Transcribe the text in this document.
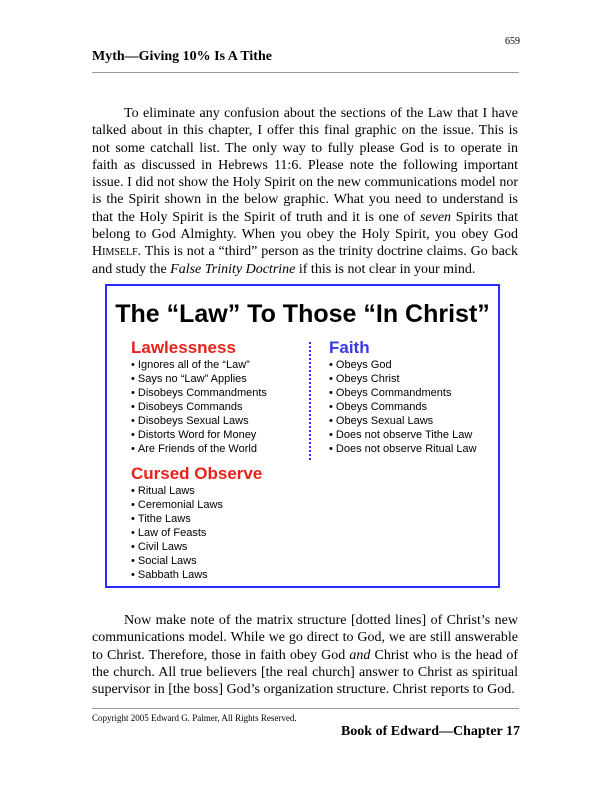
659
Myth—Giving 10% Is A Tithe

To eliminate any confusion about the sections of the Law that I have talked about in this chapter, I offer this final graphic on the issue. This is not some catchall list. The only way to fully please God is to operate in faith as discussed in Hebrews 11:6. Please note the following important issue. I did not show the Holy Spirit on the new communications model nor is the Spirit shown in the below graphic. What you need to understand is that the Holy Spirit is the Spirit of truth and it is one of seven Spirits that belong to God Almighty. When you obey the Holy Spirit, you obey God Himself. This is not a “third” person as the trinity doctrine claims. Go back and study the False Trinity Doctrine if this is not clear in your mind.

The “Law” To Those “In Christ”
Lawlessness
• Ignores all of the “Law”
• Says no “Law” Applies
• Disobeys Commandments
• Disobeys Commands
• Disobeys Sexual Laws
• Distorts Word for Money
• Are Friends of the World
Cursed Observe
• Ritual Laws
• Ceremonial Laws
• Tithe Laws
• Law of Feasts
• Civil Laws
• Social Laws
• Sabbath Laws
Faith
• Obeys God
• Obeys Christ
• Obeys Commandments
• Obeys Commands
• Obeys Sexual Laws
• Does not observe Tithe Law
• Does not observe Ritual Law

Now make note of the matrix structure [dotted lines] of Christ’s new communications model. While we go direct to God, we are still answerable to Christ. Therefore, those in faith obey God and Christ who is the head of the church. All true believers [the real church] answer to Christ as spiritual supervisor in [the boss] God’s organization structure. Christ reports to God.

Copyright 2005 Edward G. Palmer, All Rights Reserved.
Book of Edward—Chapter 17
